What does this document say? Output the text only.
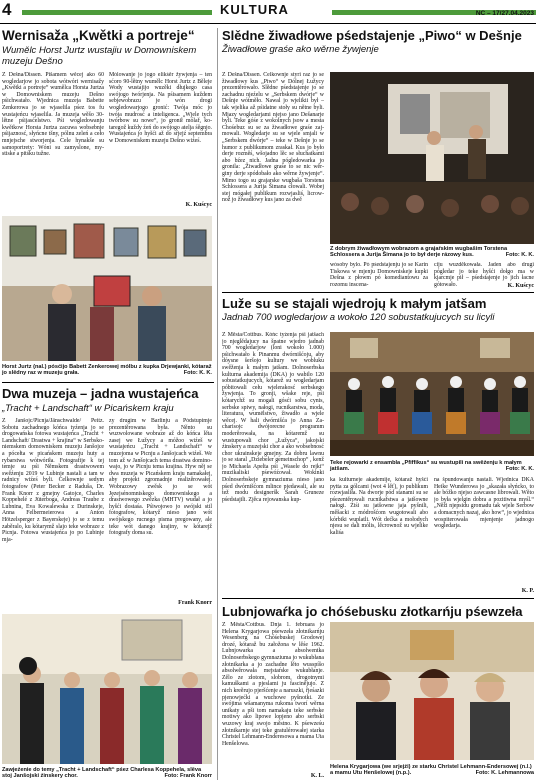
4	KULTURA	NC – 17/27.04.2023
Wernisaža „Kwětki a portreje“
Wumělc Horst Jurtz wustajiu w Domowniskem muzeju Dešno
Z Dešna/Dissen. Pišamem wěcej ako 60 wogledarjow jo sobota wótwóri wernisažy „Kwětki a portreje“ wumělca Horsta Jurtza w Domowniskem muzeju Dešno pśichwatało. Wjednica muzeja Babette Zenkerowa jo se wjaselila pśez tos fu wustajeńcu wjaselila. Ja muzeja wěšo 30-lětne pśijasćelstwo. Pśi wogledowanju kwětkow Horsta Jurtza zacuwa wobsebnje pśijaznosć, słyńcne tšny, pólnu zeleń a ceło mnjejsche stworjenja. Cele hynakše su samoportrety: Wóni su zamyslone, mystiske a pitśku tužne.
Mólowanje jo jogo elikśěr žywjenja – ten sćoro 90-lětny wumělc Horst Jurtz z Běleje Wody wustajijo wuzěki dłujkego casa swójogo twórjenja. Na pśisamem kuždem sebjewobrazu je wón drogi wogledowarjogo gronić: Twója móc jo twója mudrosć a inteligenca. „Wjele tych twórbow su nowe“, jo gronił mólař, kotaregož kuždy źeń do swójogo atelja śěgnjo. Wustajeńca jo hyšći až do sŕjejź septembra w Domowniskem muzeju Dešno wiźeś.
K. Kuścyc
Horst Jurtz (nal.) pósćijo Babett Zenkerowej mólbu z kupka Drjewjanki, kótaraž jo slědny raz w muzeju grała.	Foto: K. K.
Dwa muzeja – jadna wustajeńca
„Tracht + Landschaft“ w Picańskem kraju
Z Janšojc/Picnja/Jänschwalde/ Peitz. Sobotu zachadnego kóńca tyźenja jo se drogowańska fotowa wustajeńca „Tracht + Landschaft/ Drastwa + krajina“ w Serbsko-niemskem domowniskem muzeju Janšojce a pócełta w picańskem muzeju huty a rybarstwa wótwóriła. Fotografije k tej temje su pśi Němskem drastwowem swěźenju 2019 w Lubinje nastali a tam w radnicy wiźeś byli. Celkownje sedym fotografow (Peter Becker z Raduša, Dr. Frank Knorr z gmejny Gatojce, Charles Koppehelé z Jüterboga, Andreas Traube z Lubnina, Eva Kowalewska z Durinskeje, Anna Felbermeierowa a Anton Hötzelsperger z Bayerskeje) jo se z temu zaběralo, ku kótarymž slajo teke wobraze z Picnja. Fotowa wustajeńca jo po Lubinje mja-
zy drugim w Barlinju a Pódstupimje prezentěrowana była. Něnto su wuzwolowane wobraze až do kóńca lěta zasej we Łužycy a móžoo wiźeš w wustajeńcu „Tracht + Landschaft“ w muzejoma w Picnju a Janšojcach wiźeš. We tom až w Janšojcach tema drastwa dominowajo, jo w Picnju tema krajina. Hyw něj se dwa muzeja w Picańskem kraju namakałej, aby projekt zgromadnje realizěrowałej. Wobrazowy zwěsk jo se wót Jęzejsénomniskego domowniskego a drastwowego zwězka (MHTV) wudał a jo hyšći dostaśa. Pśiwojowo jo swójski stil fotografow, kótaryž nieso jano wót swójskego rucnego pisma pregowany, ale teke wót danego krajiny, w kótarejž fotografy doma su.
Frank Knorr
Zawjeźenie do temy „Tracht + Landschaft“ pśez Charlesa Koppehela, slěva stoj Janšojski źinskery chor.	Foto: Frank Knorr
Slědne žiwadłowe pśedstajenje „Piwo“ w Dešnje
Žiwadłowe graśe ako wěrne žywjenje
Z Dešna/Dissen. Celkownje styri raz jo se žiwadłowy kus „Piwo“ w Dólnej Łužycy prezentěrowało. Slědne pśedstajenje jo se zachadnu njeźelu w „Serbskem dwórje“ w Dešnje wótměło. Nawal jo wjelikii był – tak wjelika až pśidatne stoły su nětne byli. Mjazy wogledarjami njejso jano Dešanarje byli. Teke góśe z wokolnych jsow a mesta Chośebuz su se za žiwadłowe graśe zajmowali. Wogledarje su se wjele smjali w „Serbskem dwórje“ – teke w Dešnje jo se humor z publikumom zraskał. Kus jo było derje rozměś, wšojadno lěc se słuchatkami abo bźez nich. Jadna pógledowarka jo gronila: „Žiwadłowe graśe to se nic wěrginy derje spódobało ako wěrne žywjenje“. Mimo togo su grajarske wugbaša Torstena Schlossera a Jurija Šimana cłowali. Wobej stej mógałej publikum rozwjasliś, licrownož jo žiwadłowy kus jano za dwě
Z dobrym žiwadłowym wobrazom a grajaŕskim wugbašim Torstena Schlossera a Jurija Šimana jo to był derje rázowy kus.	Foto: K. K.
wósoby bylo. Pó pśedstajenju jo se Karin Tiskowa w mjenju Domowniskeje kupki Dešna z płowm pó komediantowu za rozomu inscena-
ciju wuzděkowała. Jaden abo drugi pógledar jo teke hyšći dołgo ma w kjarcmje pił – pśedstajenje jo jich łacne gótowało.	K. Kuścyc
Luže su se stajali wjedrojų k małym jatšam
Jadnab 700 wogledarjow a wokoło 120 sobustatkujucych su licyli
Z Města/Cottbus. Kóńc tyźenja pśi jatšach jo njeglědajucy na špatne wjedro jadnab 700 wogledarjow (loni wokoło 1.000) pśichwatało k Pinanmu dwórnišćoju, aby dóysne šeršojo kultury we wobluku swěženja k małym jatšam. Dolnoserbska kulturna akademija (DKA) jo wabilo 120 sobustatkujucych, kótarež su wogledarjam póbitowali cełu wjelerakosć serbskego žywjenja. To gronji, wšake reje, pśi kótarychž su mogali gósći sobu cynis, serbske spiwy, nałogi, rucnikarstwa, moda, literatura, wumëlstwo, žiwadło a wjele wěcej. W hali dwórnišća jo Anna Zacharisojc dwójorecne programm moderěrowała, na kótaremž su wustupowali chor „Łužyca“, jakojski źinskery a muzejski chor a ako wobsebnosć chor ukrainskeje gmejny. Za dobru lawnu jo se staral „Dziebeler gemeinschop“ , kenž jo Michaela Apelta pśi „Wasele do rejki“ muzikaliski pśewóźował. Wokinki Dolnoserbskeje gymnaziuma nieso jano pśed dwórnišćom mlince pjedawali, ale su tež modu designeršk Sarah Gruneze pśedstajili. Zjěca rejowanska kup-
Teke rejowarki z ensambla „Pfiffikus“ su wustupili na swěźenju k małym jatšam.	Foto: K. K.
ka kulturneje akademije, kótaraž hyšći pytta za gólcami (wot 4 lěť), jo publikum rozwjasliła. Na dworje pód stanami su se pśezentěrowali rucnikařstwa a jatšowne nałogi. Źiśi su jatšowne jaja pyšnili, měšacki z módrošćom wugotowali abo kórbiki wuplatli. Wót dećka a mołodych njesu se dali mólis, lěcrownož su wjelike kaliśa
na špundowanju nastali. Wjednica DKA Heike Wunderowa jo „skazała słyńcko, to ale bóžko njejso zawcasne librowali. Wěto jo była wjelgin dobra a pozitiwna myśl.“ „Něži njepsidu gromadu tak wjele Serbow a domacnych nazaj, ako how“, jo wjednica wospiterowała mjenjenje jadnogo wogledarja.
K. P.
Lubnjowaŕka jo chóśebusku złotkarńju pśewzeła
Z Města/Cottbus. Dnja 1. februara jo Helena Krygarjowa pśewzeła złotnikarńju Wesenberg na Chóśebuskej Grodowej drozé, kótaraž bu załožona w lěśe 1962. Lubnjowarka a absolwentka Dolnoserbskego gymnaziuma jo wukubłana złotnikarka a jo zachadne lěto wusspíšo absolwěrowała mejstaŕske wukubłanje. Zělo ze złotom, slobrom, drogotnymi kamuškami a pjeslami ju fascinějujo. Z nich kreěrujo pjeršćenje a naruszki, řjeśazki pjenowjećki a wuchowe pyšnotki. Ze swójima wšamanyma rukoma tworí wěrna unikaty a pši tom namakaju teke serbske motiwy ako lipowe lopjeno abo serbski wuzowy kraj swojo městno. K pśewześu złotnikarnje stej teke gratulérowałej starka Christel Lehmann-Enderesowa a mama Uta Henšelowa.
K. L.
Helena Krygarjowa (we srjejźi) ze starku Christel Lehmann-Endersowej (n.l.) a mamu Utu Henšelowej (n.p.).	Foto: K. Lehmannowa
